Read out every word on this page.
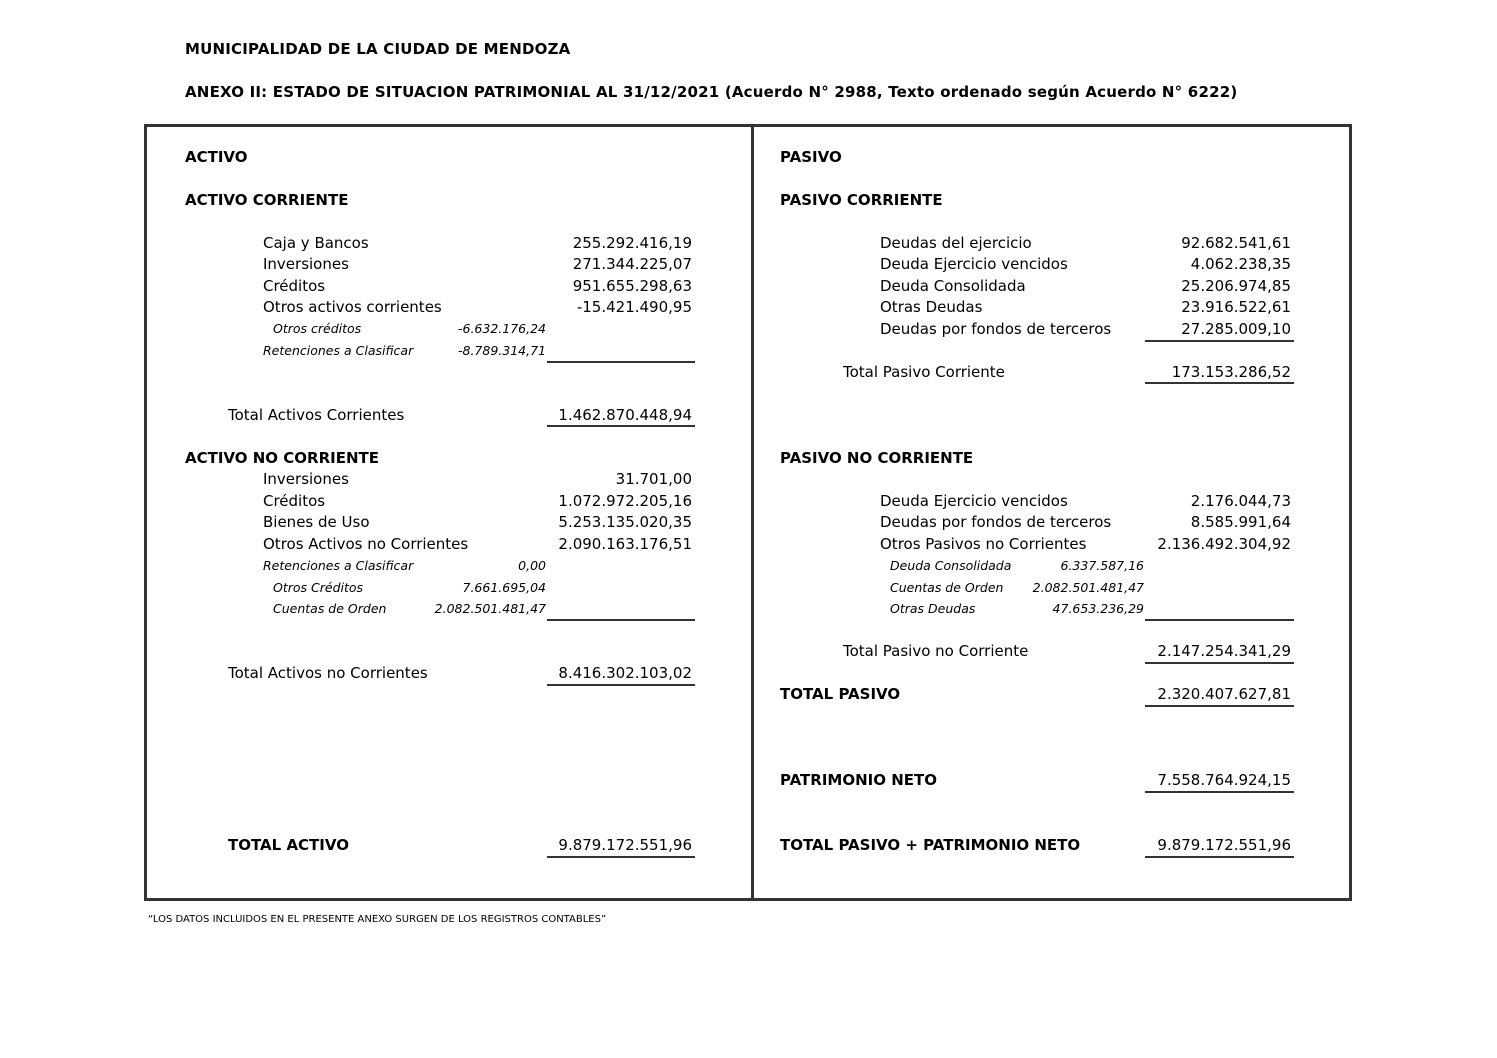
MUNICIPALIDAD DE LA CIUDAD DE MENDOZA
ANEXO II: ESTADO DE SITUACION PATRIMONIAL AL 31/12/2021 (Acuerdo N° 2988, Texto ordenado según Acuerdo N° 6222)
ACTIVO
ACTIVO CORRIENTE
Caja y Bancos	255.292.416,19
Inversiones	271.344.225,07
Créditos	951.655.298,63
Otros activos corrientes	-15.421.490,95
Otros créditos	-6.632.176,24
Retenciones a Clasificar	-8.789.314,71
Total Activos Corrientes	1.462.870.448,94
ACTIVO NO CORRIENTE
Inversiones	31.701,00
Créditos	1.072.972.205,16
Bienes de Uso	5.253.135.020,35
Otros Activos no Corrientes	2.090.163.176,51
Retenciones a Clasificar	0,00
Otros Créditos	7.661.695,04
Cuentas de Orden	2.082.501.481,47
Total Activos no Corrientes	8.416.302.103,02
TOTAL ACTIVO	9.879.172.551,96
PASIVO
PASIVO CORRIENTE
Deudas del ejercicio	92.682.541,61
Deuda Ejercicio vencidos	4.062.238,35
Deuda Consolidada	25.206.974,85
Otras Deudas	23.916.522,61
Deudas por fondos de terceros	27.285.009,10
Total Pasivo Corriente	173.153.286,52
PASIVO NO CORRIENTE
Deuda Ejercicio vencidos	2.176.044,73
Deudas por fondos de terceros	8.585.991,64
Otros Pasivos no Corrientes	2.136.492.304,92
Deuda Consolidada	6.337.587,16
Cuentas de Orden	2.082.501.481,47
Otras Deudas	47.653.236,29
Total Pasivo no Corriente	2.147.254.341,29
TOTAL PASIVO	2.320.407.627,81
PATRIMONIO NETO	7.558.764.924,15
TOTAL PASIVO + PATRIMONIO NETO	9.879.172.551,96
“LOS DATOS INCLUIDOS EN EL PRESENTE ANEXO SURGEN DE LOS REGISTROS CONTABLES”
